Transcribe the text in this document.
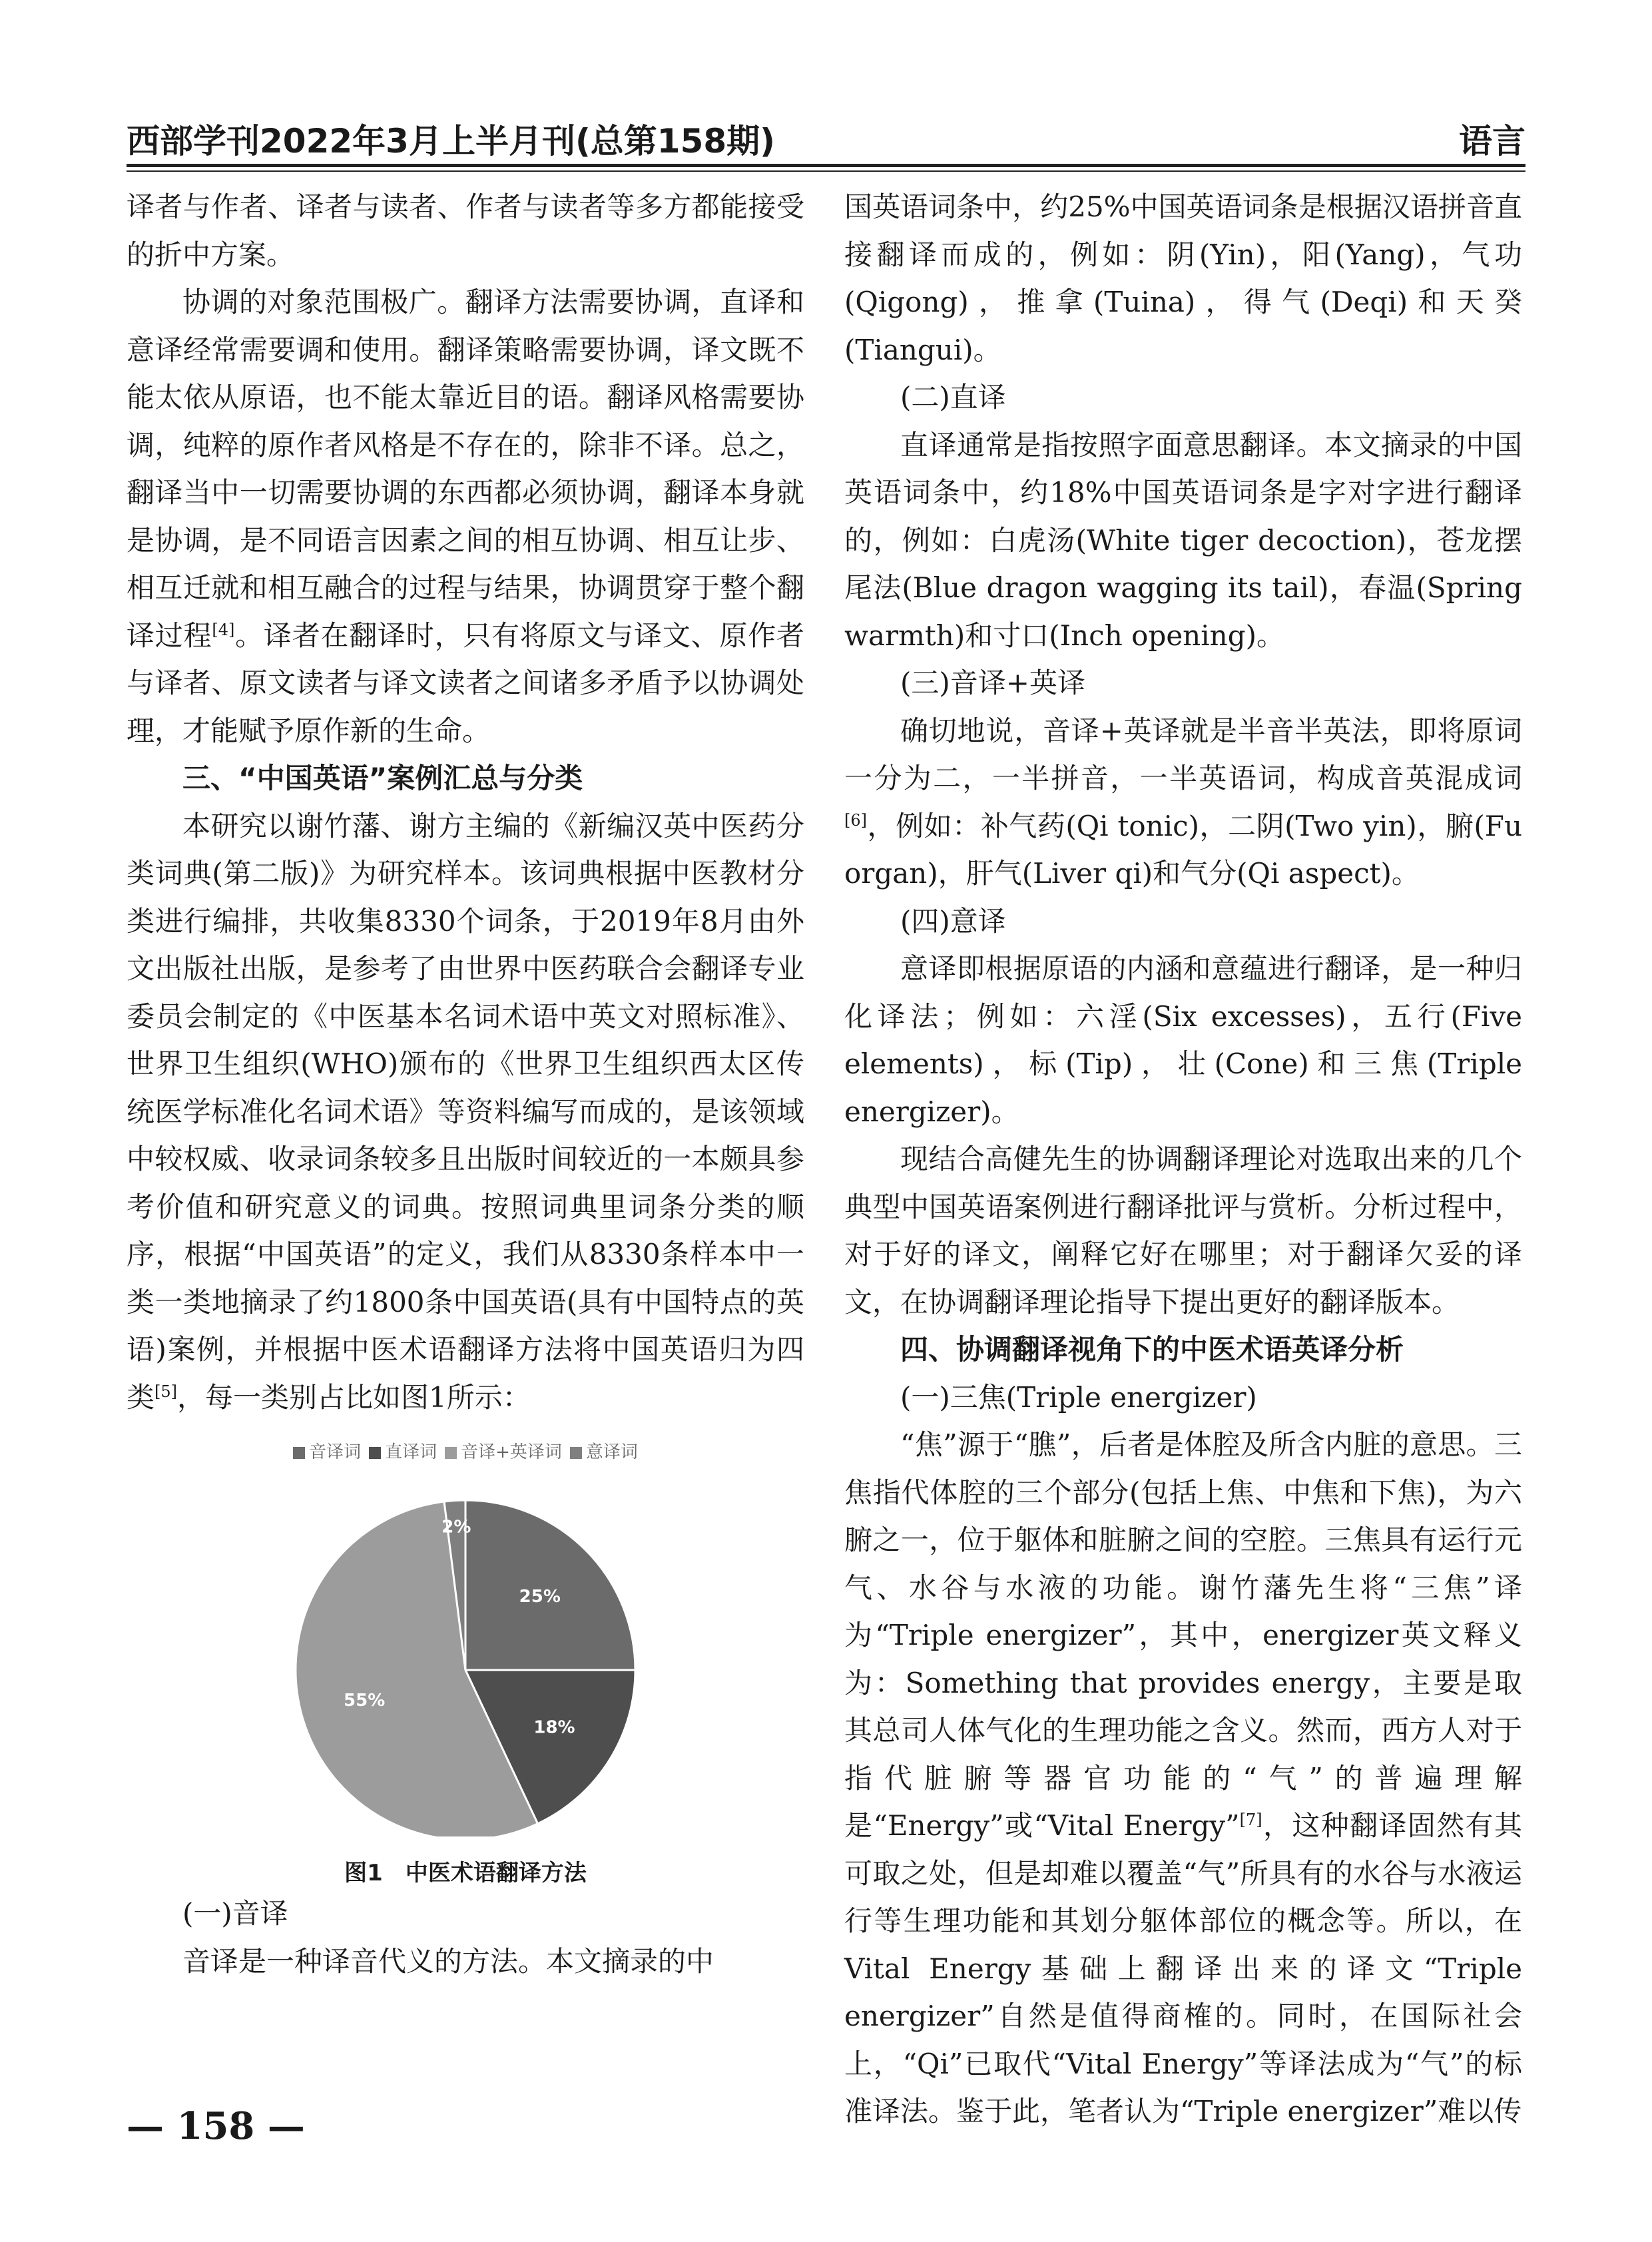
西部学刊2022年3月上半月刊(总第158期)	语言

译者与作者、译者与读者、作者与读者等多方都能接受的折中方案。

协调的对象范围极广。翻译方法需要协调，直译和意译经常需要调和使用。翻译策略需要协调，译文既不能太依从原语，也不能太靠近目的语。翻译风格需要协调，纯粹的原作者风格是不存在的，除非不译。总之，翻译当中一切需要协调的东西都必须协调，翻译本身就是协调，是不同语言因素之间的相互协调、相互让步、相互迁就和相互融合的过程与结果，协调贯穿于整个翻译过程[4]。译者在翻译时，只有将原文与译文、原作者与译者、原文读者与译文读者之间诸多矛盾予以协调处理，才能赋予原作新的生命。

三、“中国英语”案例汇总与分类

本研究以谢竹藩、谢方主编的《新编汉英中医药分类词典(第二版)》为研究样本。该词典根据中医教材分类进行编排，共收集8330个词条，于2019年8月由外文出版社出版，是参考了由世界中医药联合会翻译专业委员会制定的《中医基本名词术语中英文对照标准》、世界卫生组织(WHO)颁布的《世界卫生组织西太区传统医学标准化名词术语》等资料编写而成的，是该领域中较权威、收录词条较多且出版时间较近的一本颇具参考价值和研究意义的词典。按照词典里词条分类的顺序，根据“中国英语”的定义，我们从8330条样本中一类一类地摘录了约1800条中国英语(具有中国特点的英语)案例，并根据中医术语翻译方法将中国英语归为四类[5]，每一类别占比如图1所示：

音译词 直译词 音译+英译词 意译词
25%
18%
55%
2%
图1　中医术语翻译方法
(一)音译

音译是一种译音代义的方法。本文摘录的中

国英语词条中，约25%中国英语词条是根据汉语拼音直接翻译而成的，例如：阴(Yin)，阳(Yang)，气功(Qigong)，推拿(Tuina)，得气(Deqi)和天癸(Tiangui)。

(二)直译

直译通常是指按照字面意思翻译。本文摘录的中国英语词条中，约18%中国英语词条是字对字进行翻译的，例如：白虎汤(White tiger decoction)，苍龙摆尾法(Blue dragon wagging its tail)，春温(Spring warmth)和寸口(Inch opening)。

(三)音译+英译

确切地说，音译+英译就是半音半英法，即将原词一分为二，一半拼音，一半英语词，构成音英混成词[6]，例如：补气药(Qi tonic)，二阴(Two yin)，腑(Fu organ)，肝气(Liver qi)和气分(Qi aspect)。

(四)意译

意译即根据原语的内涵和意蕴进行翻译，是一种归化译法；例如：六淫(Six excesses)，五行(Five elements)，标(Tip)，壮(Cone)和三焦(Triple energizer)。

现结合高健先生的协调翻译理论对选取出来的几个典型中国英语案例进行翻译批评与赏析。分析过程中，对于好的译文，阐释它好在哪里；对于翻译欠妥的译文，在协调翻译理论指导下提出更好的翻译版本。

四、协调翻译视角下的中医术语英译分析
(一)三焦(Triple energizer)

“焦”源于“膲”，后者是体腔及所含内脏的意思。三焦指代体腔的三个部分(包括上焦、中焦和下焦)，为六腑之一，位于躯体和脏腑之间的空腔。三焦具有运行元气、水谷与水液的功能。谢竹藩先生将“三焦”译为“Triple energizer”，其中，energizer英文释义为：Something that provides energy，主要是取其总司人体气化的生理功能之含义。然而，西方人对于指代脏腑等器官功能的“气”的普遍理解是“Energy”或“Vital Energy”[7]，这种翻译固然有其可取之处，但是却难以覆盖“气”所具有的水谷与水液运行等生理功能和其划分躯体部位的概念等。所以，在Vital Energy基础上翻译出来的译文“Triple energizer”自然是值得商榷的。同时，在国际社会上，“Qi”已取代“Vital Energy”等译法成为“气”的标准译法。鉴于此，笔者认为“Triple energizer”难以传

— 158 —
